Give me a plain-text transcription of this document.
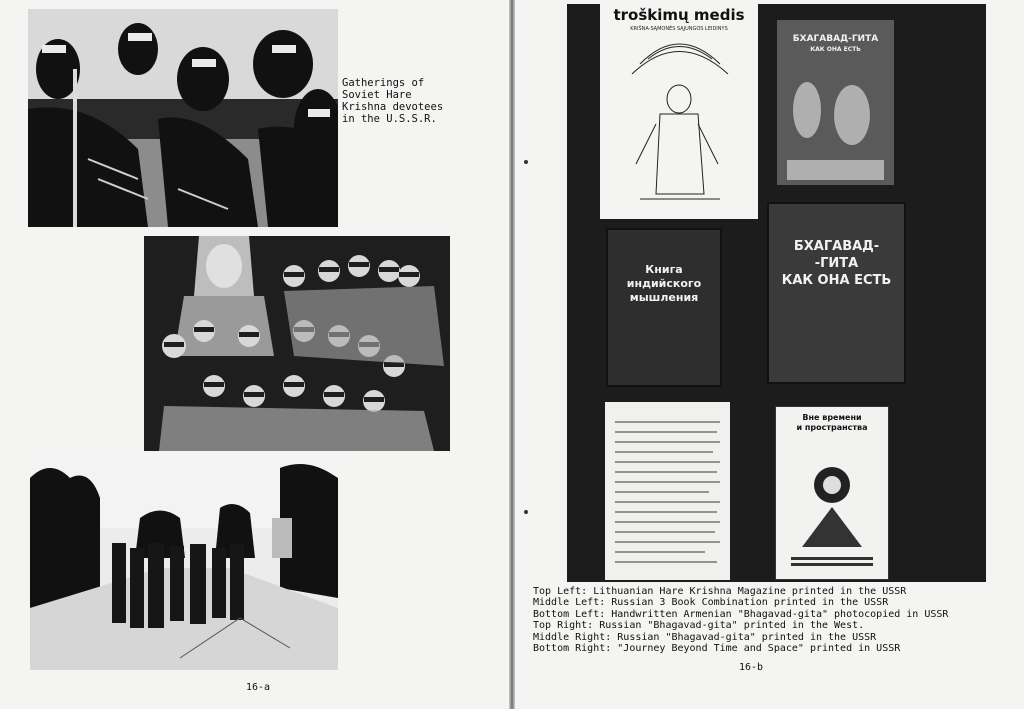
Gatherings of
Soviet Hare
Krishna devotees
in the U.S.S.R.
16-a
troškimų medis
KRIŠNA-SĄMONĖS SĄJUNGOS LEIDINYS
БХАГАВАД-ГИТА
КАК ОНА ЕСТЬ
Книга
индийского
мышления
БХАГАВАД-
-ГИТА
КАК ОНА ЕСТЬ
Вне времени
и пространства
Top Left: Lithuanian Hare Krishna Magazine printed in the USSR
Middle Left: Russian 3 Book Combination printed in the USSR
Bottom Left: Handwritten Armenian "Bhagavad-gita" photocopied in USSR
Top Right: Russian "Bhagavad-gita" printed in the West.
Middle Right: Russian "Bhagavad-gita" printed in the USSR
Bottom Right: "Journey Beyond Time and Space" printed in USSR
16-b
